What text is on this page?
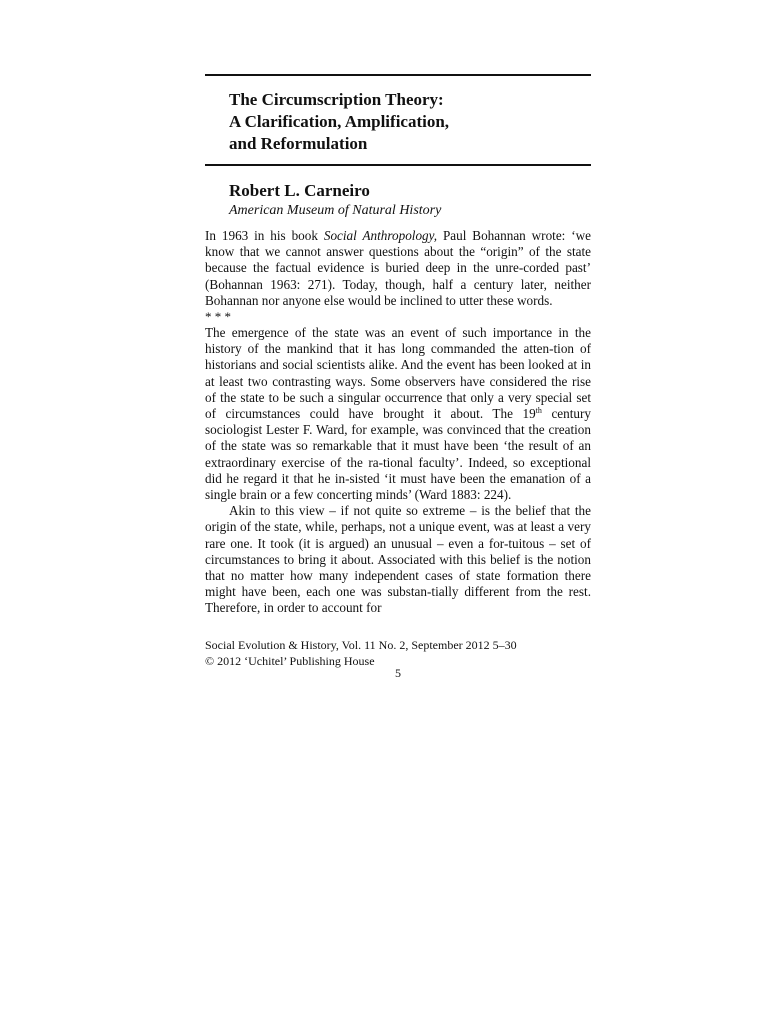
The Circumscription Theory:
A Clarification, Amplification,
and Reformulation
Robert L. Carneiro
American Museum of Natural History

In 1963 in his book Social Anthropology, Paul Bohannan wrote: ‘we know that we cannot answer questions about the “origin” of the state because the factual evidence is buried deep in the unre-corded past’ (Bohannan 1963: 271). Today, though, half a century later, neither Bohannan nor anyone else would be inclined to utter these words.

* * *

The emergence of the state was an event of such importance in the history of the mankind that it has long commanded the atten-tion of historians and social scientists alike. And the event has been looked at in at least two contrasting ways. Some observers have considered the rise of the state to be such a singular occurrence that only a very special set of circumstances could have brought it about. The 19th century sociologist Lester F. Ward, for example, was convinced that the creation of the state was so remarkable that it must have been ‘the result of an extraordinary exercise of the ra-tional faculty’. Indeed, so exceptional did he regard it that he in-sisted ‘it must have been the emanation of a single brain or a few concerting minds’ (Ward 1883: 224).

Akin to this view – if not quite so extreme – is the belief that the origin of the state, while, perhaps, not a unique event, was at least a very rare one. It took (it is argued) an unusual – even a for-tuitous – set of circumstances to bring it about. Associated with this belief is the notion that no matter how many independent cases of state formation there might have been, each one was substan-tially different from the rest. Therefore, in order to account for

Social Evolution & History, Vol. 11 No. 2, September 2012 5–30
© 2012 ‘Uchitel’ Publishing House
5
